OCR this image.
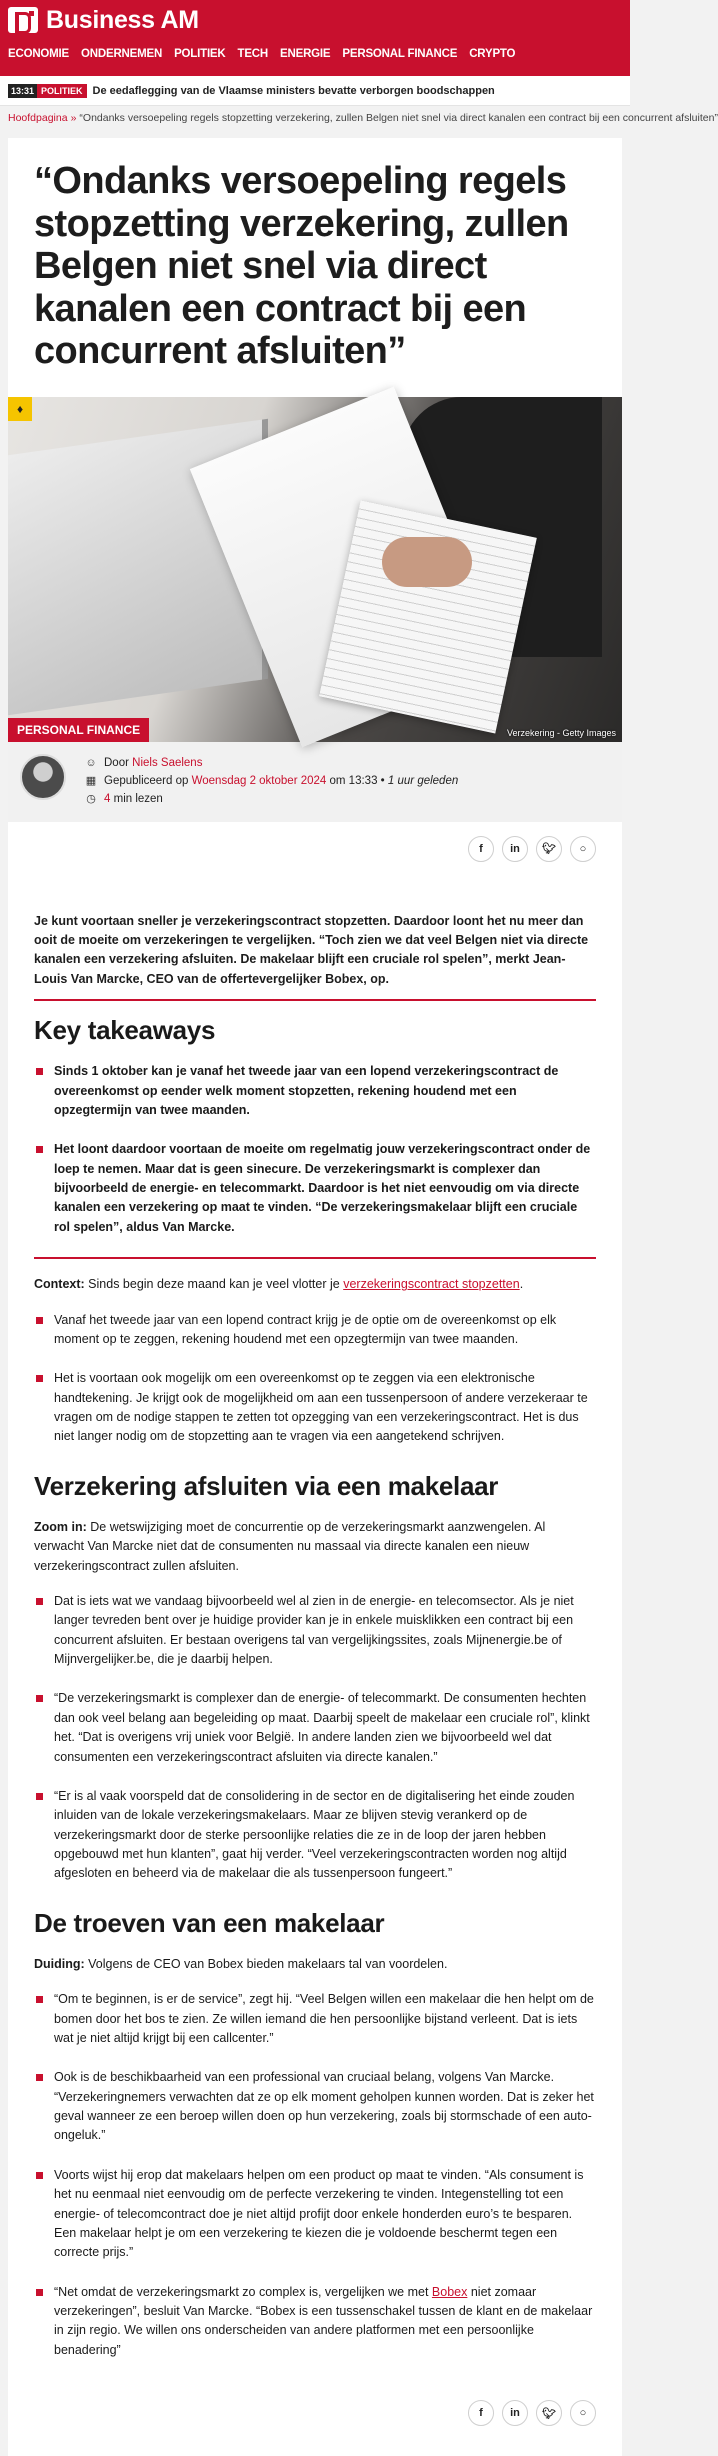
Business AM
ECONOMIE ONDERNEMEN POLITIEK TECH ENERGIE PERSONAL FINANCE CRYPTO
13:31 POLITIEK De eedaflegging van de Vlaamse ministers bevatte verborgen boodschappen
Hoofdpagina » “Ondanks versoepeling regels stopzetting verzekering, zullen Belgen niet snel via direct kanalen een contract bij een concurrent afsluiten”
“Ondanks versoepeling regels stopzetting verzekering, zullen Belgen niet snel via direct kanalen een contract bij een concurrent afsluiten”
♦
PERSONAL FINANCE	Verzekering - Getty Images
☺ Door
Niels Saelens
▦ Gepubliceerd op
Woensdag 2 oktober 2024
om 13:33
•
1 uur geleden
◷ 4
min lezen
f	in	🐦︎	○

Je kunt voortaan sneller je verzekeringscontract stopzetten. Daardoor loont het nu meer dan ooit de moeite om verzekeringen te vergelijken. “Toch zien we dat veel Belgen niet via directe kanalen een verzekering afsluiten. De makelaar blijft een cruciale rol spelen”, merkt Jean-Louis Van Marcke, CEO van de offertevergelijker Bobex, op.

Key takeaways
Sinds 1 oktober kan je vanaf het tweede jaar van een lopend verzekeringscontract de overeenkomst op eender welk moment stopzetten, rekening houdend met een opzegtermijn van twee maanden.
Het loont daardoor voortaan de moeite om regelmatig jouw verzekeringscontract onder de loep te nemen. Maar dat is geen sinecure. De verzekeringsmarkt is complexer dan bijvoorbeeld de energie- en telecommarkt. Daardoor is het niet eenvoudig om via directe kanalen een verzekering op maat te vinden. “De verzekeringsmakelaar blijft een cruciale rol spelen”, aldus Van Marcke.

Context: Sinds begin deze maand kan je veel vlotter je verzekeringscontract stopzetten.

Vanaf het tweede jaar van een lopend contract krijg je de optie om de overeenkomst op elk moment op te zeggen, rekening houdend met een opzegtermijn van twee maanden.
Het is voortaan ook mogelijk om een overeenkomst op te zeggen via een elektronische handtekening. Je krijgt ook de mogelijkheid om aan een tussenpersoon of andere verzekeraar te vragen om de nodige stappen te zetten tot opzegging van een verzekeringscontract. Het is dus niet langer nodig om de stopzetting aan te vragen via een aangetekend schrijven.
Verzekering afsluiten via een makelaar

Zoom in: De wetswijziging moet de concurrentie op de verzekeringsmarkt aanzwengelen. Al verwacht Van Marcke niet dat de consumenten nu massaal via directe kanalen een nieuw verzekeringscontract zullen afsluiten.

Dat is iets wat we vandaag bijvoorbeeld wel al zien in de energie- en telecomsector. Als je niet langer tevreden bent over je huidige provider kan je in enkele muisklikken een contract bij een concurrent afsluiten. Er bestaan overigens tal van vergelijkingssites, zoals Mijnenergie.be of Mijnvergelijker.be, die je daarbij helpen.
“De verzekeringsmarkt is complexer dan de energie- of telecommarkt. De consumenten hechten dan ook veel belang aan begeleiding op maat. Daarbij speelt de makelaar een cruciale rol”, klinkt het. “Dat is overigens vrij uniek voor België. In andere landen zien we bijvoorbeeld wel dat consumenten een verzekeringscontract afsluiten via directe kanalen.”
“Er is al vaak voorspeld dat de consolidering in de sector en de digitalisering het einde zouden inluiden van de lokale verzekeringsmakelaars. Maar ze blijven stevig verankerd op de verzekeringsmarkt door de sterke persoonlijke relaties die ze in de loop der jaren hebben opgebouwd met hun klanten”, gaat hij verder. “Veel verzekeringscontracten worden nog altijd afgesloten en beheerd via de makelaar die als tussenpersoon fungeert.”
De troeven van een makelaar

Duiding: Volgens de CEO van Bobex bieden makelaars tal van voordelen.

“Om te beginnen, is er de service”, zegt hij. “Veel Belgen willen een makelaar die hen helpt om de bomen door het bos te zien. Ze willen iemand die hen persoonlijke bijstand verleent. Dat is iets wat je niet altijd krijgt bij een callcenter.”
Ook is de beschikbaarheid van een professional van cruciaal belang, volgens Van Marcke. “Verzekeringnemers verwachten dat ze op elk moment geholpen kunnen worden. Dat is zeker het geval wanneer ze een beroep willen doen op hun verzekering, zoals bij stormschade of een auto-ongeluk.”
Voorts wijst hij erop dat makelaars helpen om een product op maat te vinden. “Als consument is het nu eenmaal niet eenvoudig om de perfecte verzekering te vinden. Integenstelling tot een energie- of telecomcontract doe je niet altijd profijt door enkele honderden euro’s te besparen. Een makelaar helpt je om een verzekering te kiezen die je voldoende beschermt tegen een correcte prijs.”
“Net omdat de verzekeringsmarkt zo complex is, vergelijken we met Bobex niet zomaar verzekeringen”, besluit Van Marcke. “Bobex is een tussenschakel tussen de klant en de makelaar in zijn regio. We willen ons onderscheiden van andere platformen met een persoonlijke benadering”
f	in	🐦︎	○
